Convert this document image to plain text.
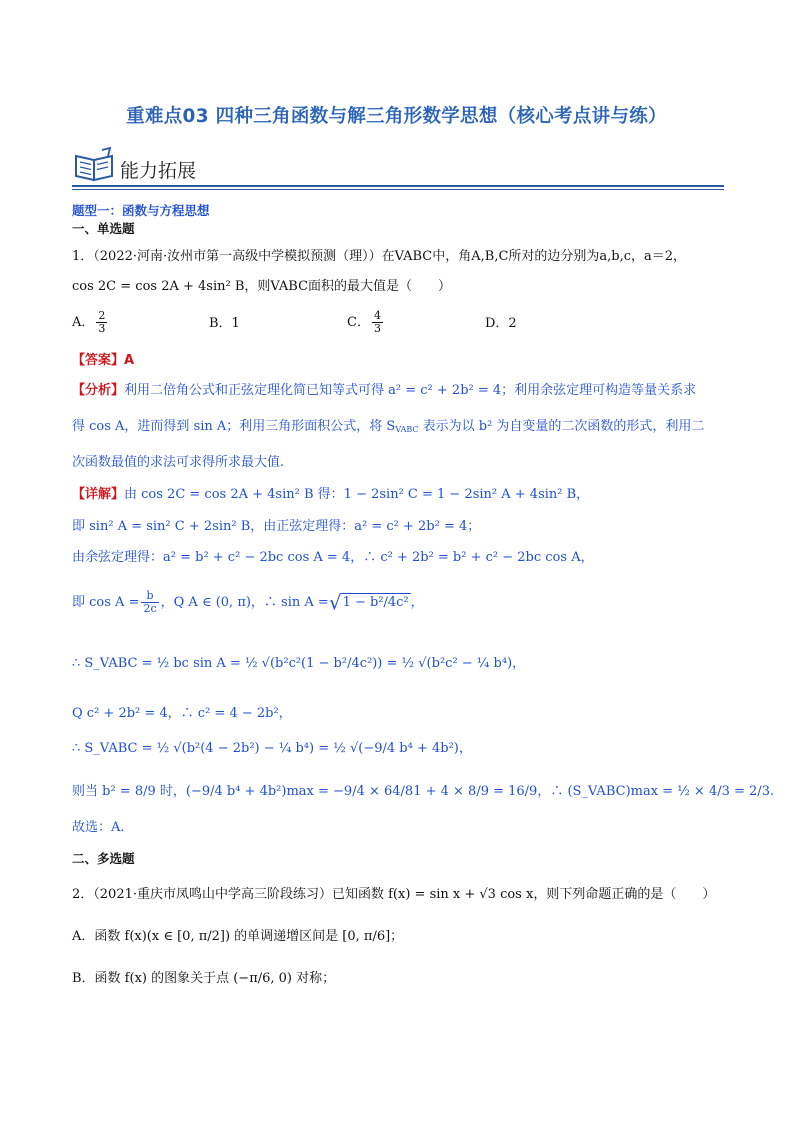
重难点03 四种三角函数与解三角形数学思想（核心考点讲与练）
能力拓展
题型一：函数与方程思想
一、单选题
1．（2022·河南·汝州市第一高级中学模拟预测（理））在VABC中，角A,B,C所对的边分别为a,b,c，a＝2，
cos 2C = cos 2A + 4sin² B，则VABC面积的最大值是（　　）
A． $\frac{2}{3}$	B．1	C． $\frac{4}{3}$	D．2
【答案】A
【分析】利用二倍角公式和正弦定理化简已知等式可得 a² = c² + 2b² = 4；利用余弦定理可构造等量关系求
得 cos A，进而得到 sin A；利用三角形面积公式，将 $S_{VABC}$ 表示为以 b² 为自变量的二次函数的形式，利用二
次函数最值的求法可求得所求最大值.
【详解】由 cos 2C = cos 2A + 4sin² B 得：1 − 2sin² C = 1 − 2sin² A + 4sin² B，
即 sin² A = sin² C + 2sin² B，由正弦定理得：a² = c² + 2b² = 4；
由余弦定理得：a² = b² + c² − 2bc cos A = 4，∴ c² + 2b² = b² + c² − 2bc cos A，
即 $\cos A = \frac{b}{2c}$ ，Q A ∈ (0, π)，∴ sin A =√1 − b²/4c² ，
∴ S_VABC = ½ bc sin A = ½ √(b²c²(1 − b²/4c²)) = ½ √(b²c² − ¼ b⁴)，
Q c² + 2b² = 4，∴ c² = 4 − 2b²，
∴ S_VABC = ½ √(b²(4 − 2b²) − ¼ b⁴) = ½ √(−9/4 b⁴ + 4b²)，
则当 b² = 8/9 时，(−9/4 b⁴ + 4b²)max = −9/4 × 64/81 + 4 × 8/9 = 16/9，∴ (S_VABC)max = ½ × 4/3 = 2/3.
故选：A.
二、多选题
2．（2021·重庆市凤鸣山中学高三阶段练习）已知函数 f(x) = sin x + √3 cos x，则下列命题正确的是（　　）
A．函数 f(x)(x ∈ [0, π/2]) 的单调递增区间是 [0, π/6]；
B．函数 f(x) 的图象关于点 (−π/6, 0) 对称；
